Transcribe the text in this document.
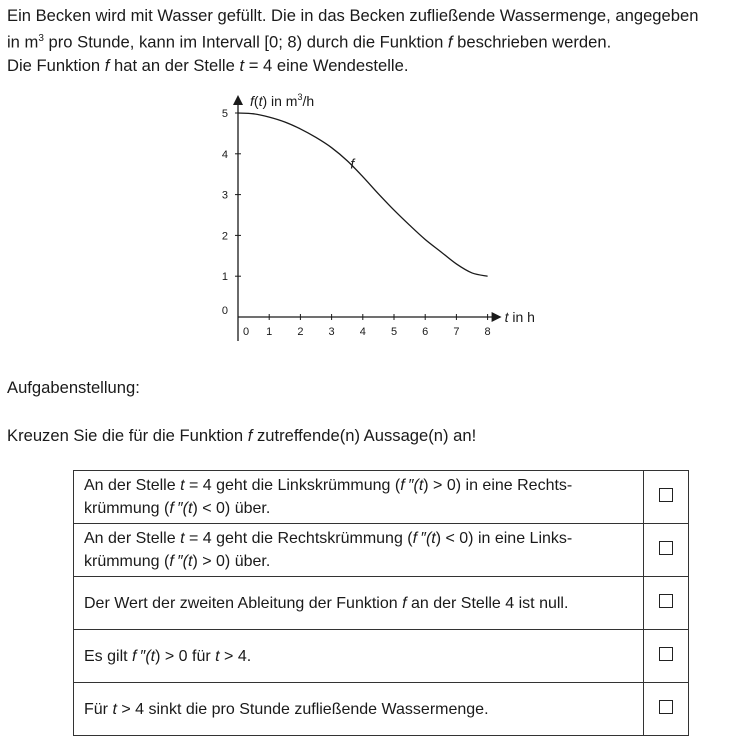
Ein Becken wird mit Wasser gefüllt. Die in das Becken zufließende Wassermenge, angegeben

in $m^3$ pro Stunde, kann im Intervall [0; 8) durch die Funktion f beschrieben werden.

Die Funktion f hat an der Stelle t = 4 eine Wendestelle.

1
2
3
4
5
0
0 1 2 3 4 5 6 7 8
f(t) in $m^3/h$
t in h
f

Aufgabenstellung:

Kreuzen Sie die für die Funktion f zutreffende(n) Aussage(n) an!

An der Stelle t = 4 geht die Linkskrümmung (f ″(t) > 0) in eine Rechts-
krümmung (f ″(t) < 0) über.	
An der Stelle t = 4 geht die Rechtskrümmung (f ″(t) < 0) in eine Links-
krümmung (f ″(t) > 0) über.	
Der Wert der zweiten Ableitung der Funktion f an der Stelle 4 ist null.	
Es gilt f ″(t) > 0 für t > 4.	
Für t > 4 sinkt die pro Stunde zufließende Wassermenge.	
